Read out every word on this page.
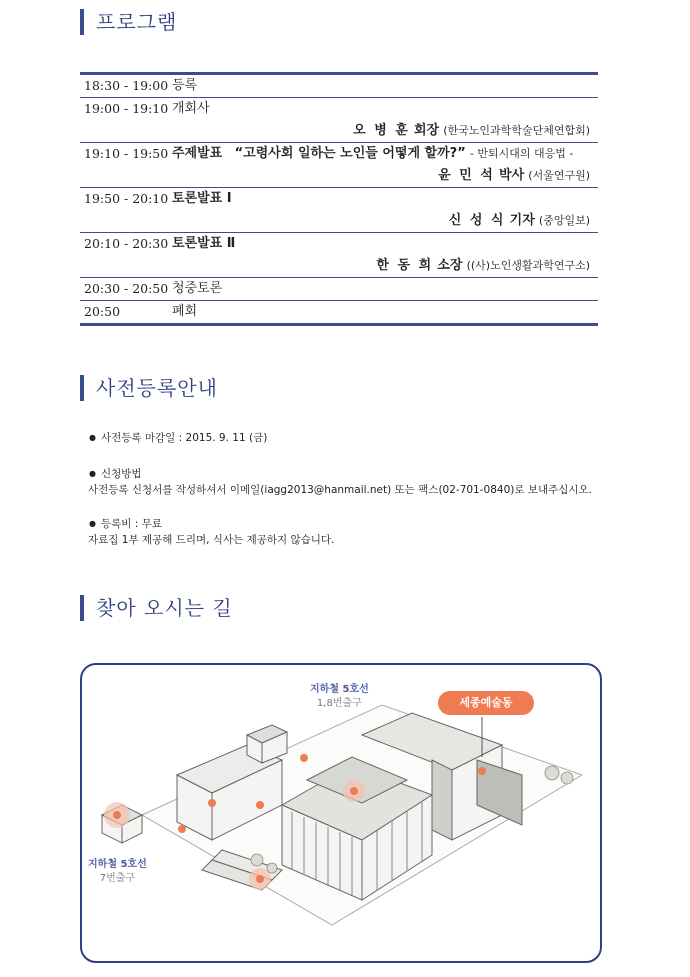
프로그램
18:30 - 19:00 등록
19:00 - 19:10 개회사
오 병 훈 회장 (한국노인과학학술단체연합회)
19:10 - 19:50 주제발표 “고령사회 일하는 노인들 어떻게 할까?” - 반퇴시대의 대응법 -
윤 민 석 박사 (서울연구원)
19:50 - 20:10 토론발표 I
신 성 식 기자 (중앙일보)
20:10 - 20:30 토론발표 Ⅱ
한 동 희 소장 ((사)노인생활과학연구소)
20:30 - 20:50 청중토론
20:50	폐회
사전등록안내
● 사전등록 마감일 : 2015. 9. 11 (금)
● 신청방법
사전등록 신청서를 작성하셔서 이메일(iagg2013@hanmail.net) 또는 팩스(02-701-0840)로 보내주십시오.
● 등록비 : 무료
자료집 1부 제공해 드리며, 식사는 제공하지 않습니다.
찾아 오시는 길
지하철 5호선
1,8번출구
지하철 5호선
7번출구
세종예술동
